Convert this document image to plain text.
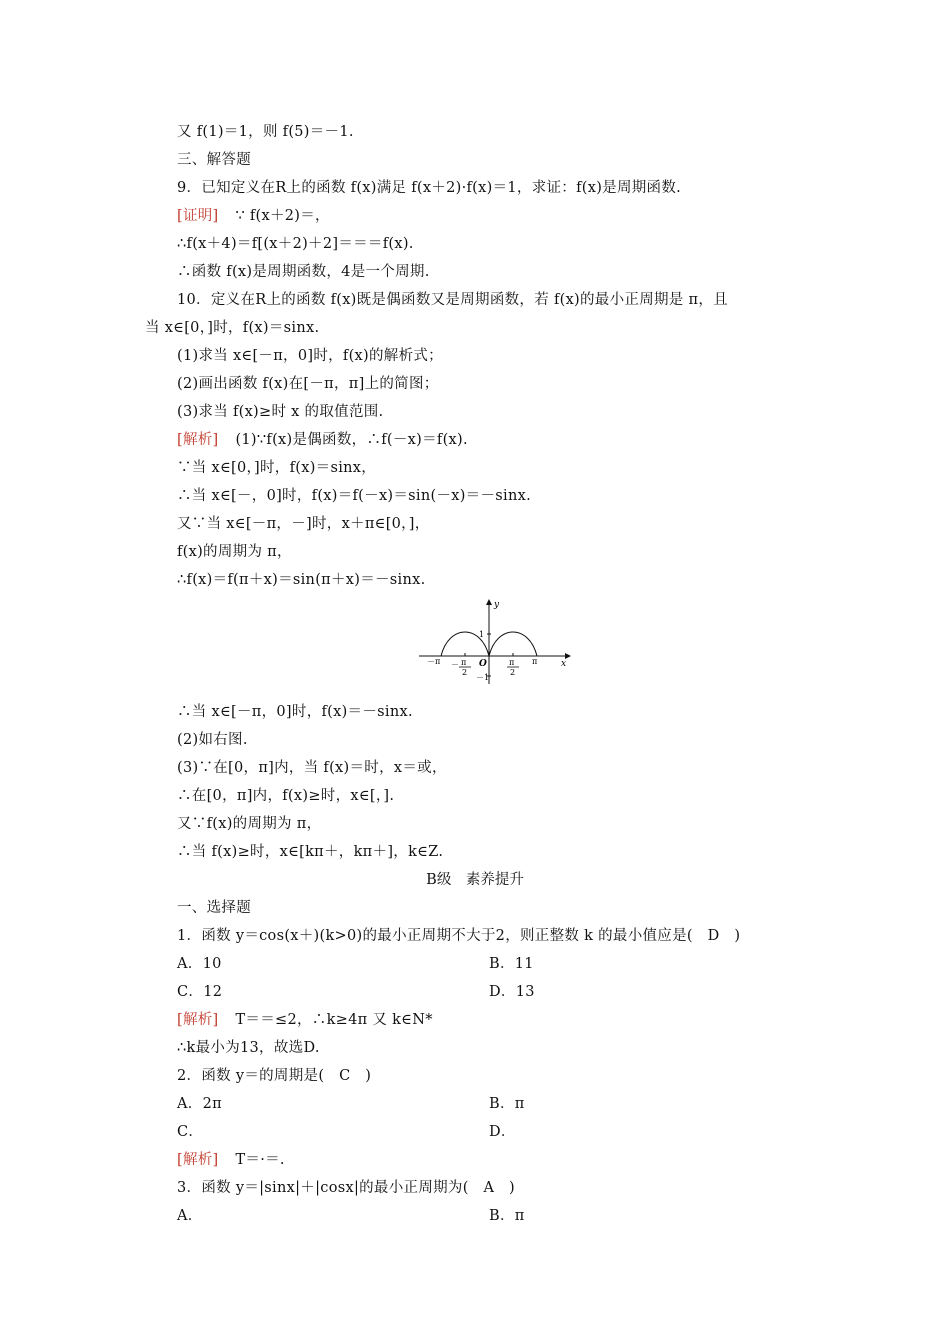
又 f(1)＝1，则 f(5)＝－1.
三、解答题
9．已知定义在R上的函数 f(x)满足 f(x＋2)·f(x)＝1，求证：f(x)是周期函数.
[证明] ∵ f(x＋2)＝，
∴f(x＋4)＝f[(x＋2)＋2]＝＝＝f(x).
∴函数 f(x)是周期函数，4是一个周期.
10．定义在R上的函数 f(x)既是偶函数又是周期函数，若 f(x)的最小正周期是 π，且
当 x∈[0，]时，f(x)＝sinx.
(1)求当 x∈[－π，0]时，f(x)的解析式；
(2)画出函数 f(x)在[－π，π]上的简图；
(3)求当 f(x)≥时 x 的取值范围.
[解析] (1)∵f(x)是偶函数，∴f(－x)＝f(x).
∵当 x∈[0，]时，f(x)＝sinx，
∴当 x∈[－，0]时，f(x)＝f(－x)＝sin(－x)＝－sinx.
又∵当 x∈[－π，－]时，x＋π∈[0，]，
f(x)的周期为 π，
∴f(x)＝f(π＋x)＝sin(π＋x)＝－sinx.
y
x
O
－π	π
－ π
2
π
2
1
－1
∴当 x∈[－π，0]时，f(x)＝－sinx.
(2)如右图.
(3)∵在[0，π]内，当 f(x)＝时，x＝或，
∴在[0，π]内，f(x)≥时，x∈[，].
又∵f(x)的周期为 π，
∴当 f(x)≥时，x∈[kπ＋，kπ＋]，k∈Z.
B级　素养提升
一、选择题
1．函数 y＝cos(x＋)(k>0)的最小正周期不大于2，则正整数 k 的最小值应是(　D　)
A．10	B．11
C．12	D．13
[解析] T＝＝≤2，∴k≥4π 又 k∈N*
∴k最小为13，故选D.
2．函数 y＝的周期是(　C　)
A．2π	B．π
C．	D．
[解析] T＝·＝.
3．函数 y＝|sinx|＋|cosx|的最小正周期为(　A　)
A．	B．π
